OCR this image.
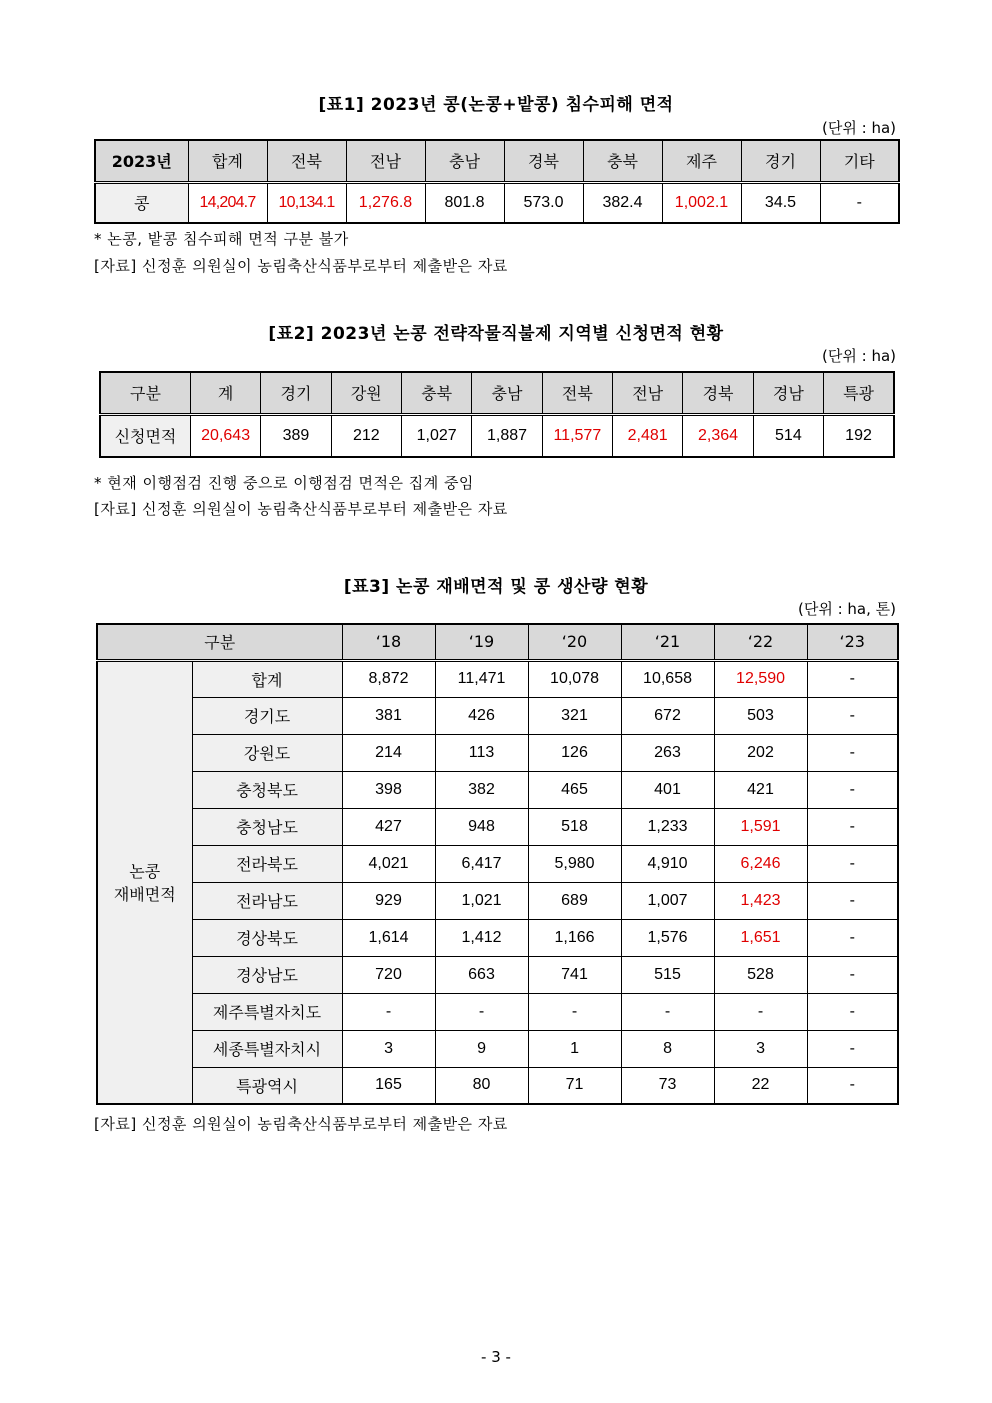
[표1] 2023년 콩(논콩+밭콩) 침수피해 면적
(단위 : ha)
2023년	합계	전북	전남	충남	경북	충북	제주	경기	기타
콩	14,204.7	10,134.1	1,276.8	801.8	573.0	382.4	1,002.1	34.5	-
* 논콩, 밭콩 침수피해 면적 구분 불가
[자료] 신정훈 의원실이 농림축산식품부로부터 제출받은 자료
[표2] 2023년 논콩 전략작물직불제 지역별 신청면적 현황
(단위 : ha)
구분	계	경기	강원	충북	충남	전북	전남	경북	경남	특광
신청면적	20,643	389	212	1,027	1,887	11,577	2,481	2,364	514	192
* 현재 이행점검 진행 중으로 이행점검 면적은 집계 중임
[자료] 신정훈 의원실이 농림축산식품부로부터 제출받은 자료
[표3] 논콩 재배면적 및 콩 생산량 현황
(단위 : ha, 톤)
구분		‘18	‘19	‘20	‘21	‘22	‘23

논콩
재배면적	합계	8,872	11,471	10,078	10,658	12,590	-
	경기도	381	426	321	672	503	-
	강원도	214	113	126	263	202	-
	충청북도	398	382	465	401	421	-
	충청남도	427	948	518	1,233	1,591	-
	전라북도	4,021	6,417	5,980	4,910	6,246	-
	전라남도	929	1,021	689	1,007	1,423	-
	경상북도	1,614	1,412	1,166	1,576	1,651	-
	경상남도	720	663	741	515	528	-
	제주특별자치도	-	-	-	-	-	-
	세종특별자치시	3	9	1	8	3	-
	특광역시	165	80	71	73	22	-
[자료] 신정훈 의원실이 농림축산식품부로부터 제출받은 자료
- 3 -
